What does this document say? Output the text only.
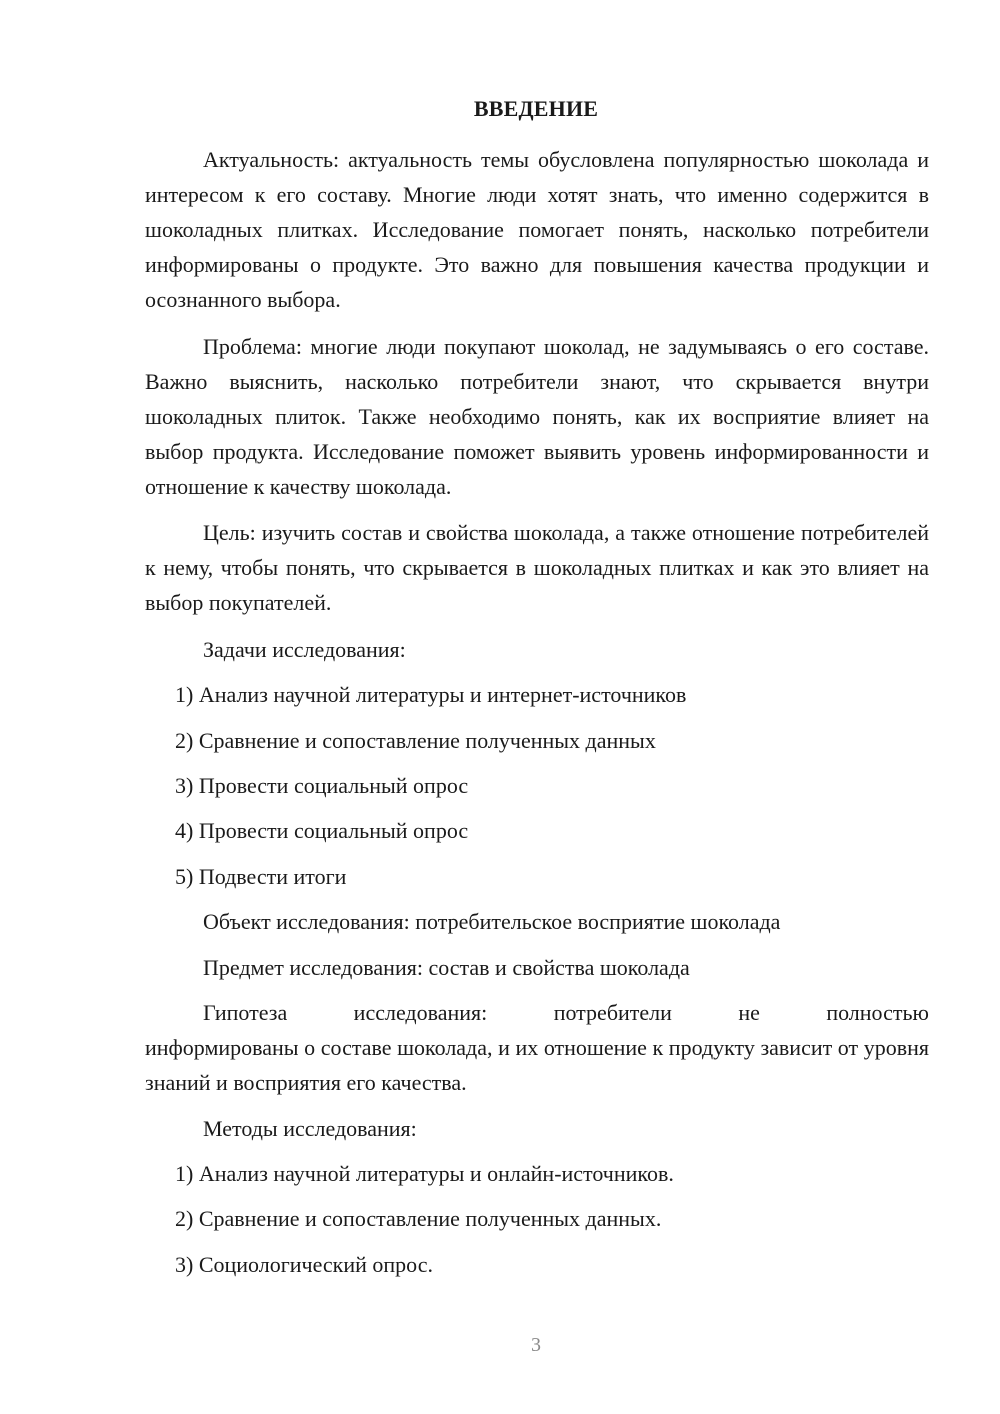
ВВЕДЕНИЕ

Актуальность: актуальность темы обусловлена популярностью шоколада и интересом к его составу. Многие люди хотят знать, что именно содержится в шоколадных плитках. Исследование помогает понять, насколько потребители информированы о продукте. Это важно для повышения качества продукции и осознанного выбора.

Проблема: многие люди покупают шоколад, не задумываясь о его составе. Важно выяснить, насколько потребители знают, что скрывается внутри шоколадных плиток. Также необходимо понять, как их восприятие влияет на выбор продукта. Исследование поможет выявить уровень информированности и отношение к качеству шоколада.

Цель: изучить состав и свойства шоколада, а также отношение потребителей к нему, чтобы понять, что скрывается в шоколадных плитках и как это влияет на выбор покупателей.

Задачи исследования:

1) Анализ научной литературы и интернет-источников

2) Сравнение и сопоставление полученных данных

3) Провести социальный опрос

4) Провести социальный опрос

5) Подвести итоги

Объект исследования: потребительское восприятие шоколада

Предмет исследования: состав и свойства шоколада

Гипотеза	исследования:	потребители	не	полностью

информированы о составе шоколада, и их отношение к продукту зависит от уровня знаний и восприятия его качества.

Методы исследования:

1) Анализ научной литературы и онлайн-источников.

2) Сравнение и сопоставление полученных данных.

3) Социологический опрос.

3
